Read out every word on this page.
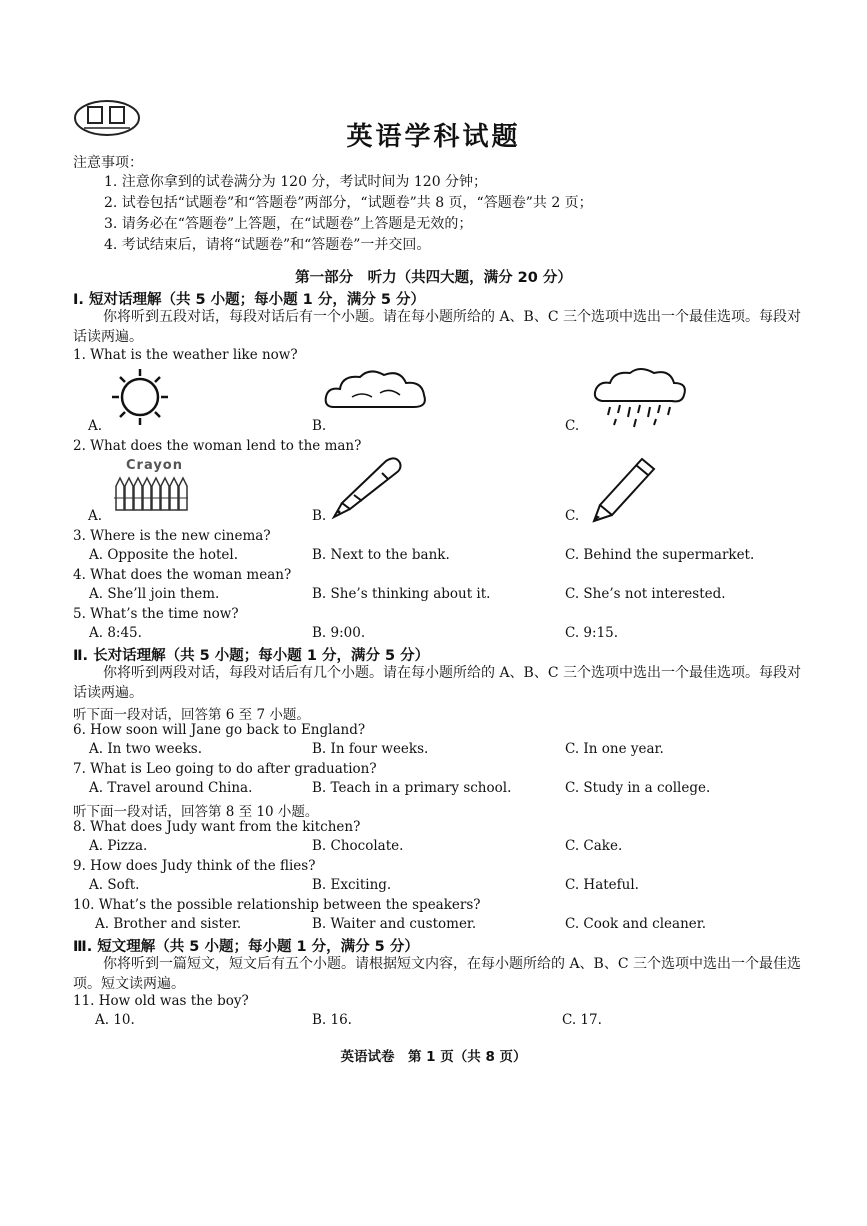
英语学科试题
注意事项：
1. 注意你拿到的试卷满分为 120 分，考试时间为 120 分钟；
2. 试卷包括“试题卷”和“答题卷”两部分，“试题卷”共 8 页，“答题卷”共 2 页；
3. 请务必在“答题卷”上答题，在“试题卷”上答题是无效的；
4. 考试结束后，请将“试题卷”和“答题卷”一并交回。
第一部分　听力（共四大题，满分 20 分）
Ⅰ. 短对话理解（共 5 小题；每小题 1 分，满分 5 分）
你将听到五段对话，每段对话后有一个小题。请在每小题所给的 A、B、C 三个选项中选出一个最佳选项。每段对话读两遍。
1. What is the weather like now?
A.	B.	C.
2. What does the woman lend to the man?
Crayon
A.	B.	C.
3. Where is the new cinema?
A. Opposite the hotel.	B. Next to the bank.	C. Behind the supermarket.
4. What does the woman mean?
A. She’ll join them.	B. She’s thinking about it.	C. She’s not interested.
5. What’s the time now?
A. 8:45.	B. 9:00.	C. 9:15.
Ⅱ. 长对话理解（共 5 小题；每小题 1 分，满分 5 分）
你将听到两段对话，每段对话后有几个小题。请在每小题所给的 A、B、C 三个选项中选出一个最佳选项。每段对话读两遍。
听下面一段对话，回答第 6 至 7 小题。
6. How soon will Jane go back to England?
A. In two weeks.	B. In four weeks.	C. In one year.
7. What is Leo going to do after graduation?
A. Travel around China.	B. Teach in a primary school.	C. Study in a college.
听下面一段对话，回答第 8 至 10 小题。
8. What does Judy want from the kitchen?
A. Pizza.	B. Chocolate.	C. Cake.
9. How does Judy think of the flies?
A. Soft.	B. Exciting.	C. Hateful.
10. What’s the possible relationship between the speakers?
A. Brother and sister.	B. Waiter and customer.	C. Cook and cleaner.
Ⅲ. 短文理解（共 5 小题；每小题 1 分，满分 5 分）
你将听到一篇短文，短文后有五个小题。请根据短文内容，在每小题所给的 A、B、C 三个选项中选出一个最佳选项。短文读两遍。
11. How old was the boy?
A. 10.	B. 16.	C. 17.
英语试卷　第 1 页（共 8 页）
